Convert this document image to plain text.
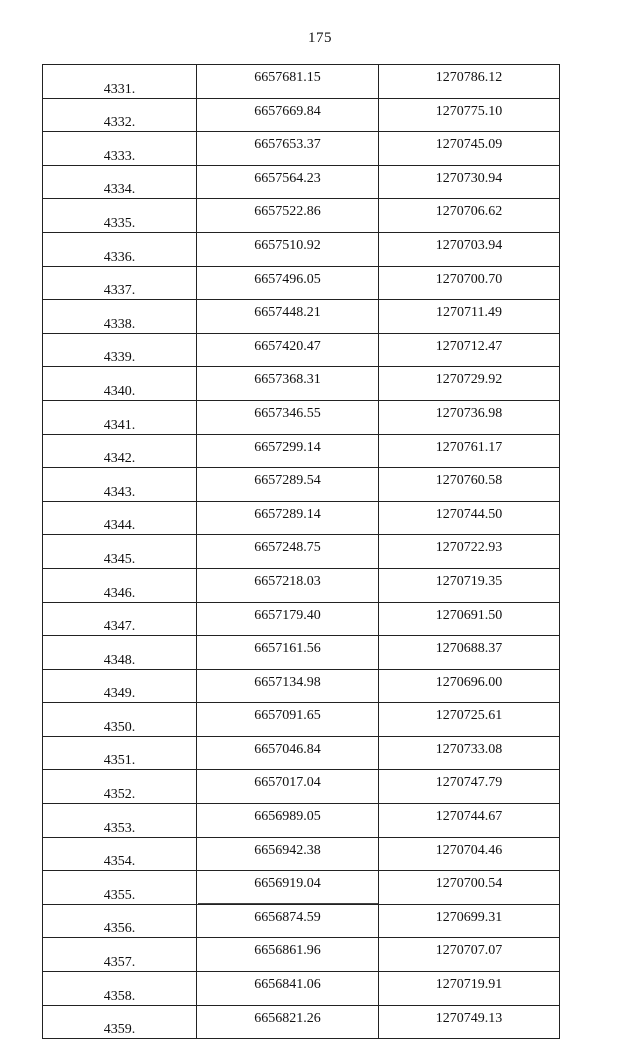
175
4331.	6657681.15	1270786.12
4332.	6657669.84	1270775.10
4333.	6657653.37	1270745.09
4334.	6657564.23	1270730.94
4335.	6657522.86	1270706.62
4336.	6657510.92	1270703.94
4337.	6657496.05	1270700.70
4338.	6657448.21	1270711.49
4339.	6657420.47	1270712.47
4340.	6657368.31	1270729.92
4341.	6657346.55	1270736.98
4342.	6657299.14	1270761.17
4343.	6657289.54	1270760.58
4344.	6657289.14	1270744.50
4345.	6657248.75	1270722.93
4346.	6657218.03	1270719.35
4347.	6657179.40	1270691.50
4348.	6657161.56	1270688.37
4349.	6657134.98	1270696.00
4350.	6657091.65	1270725.61
4351.	6657046.84	1270733.08
4352.	6657017.04	1270747.79
4353.	6656989.05	1270744.67
4354.	6656942.38	1270704.46
4355.	6656919.04	1270700.54
4356.	6656874.59	1270699.31
4357.	6656861.96	1270707.07
4358.	6656841.06	1270719.91
4359.	6656821.26	1270749.13
